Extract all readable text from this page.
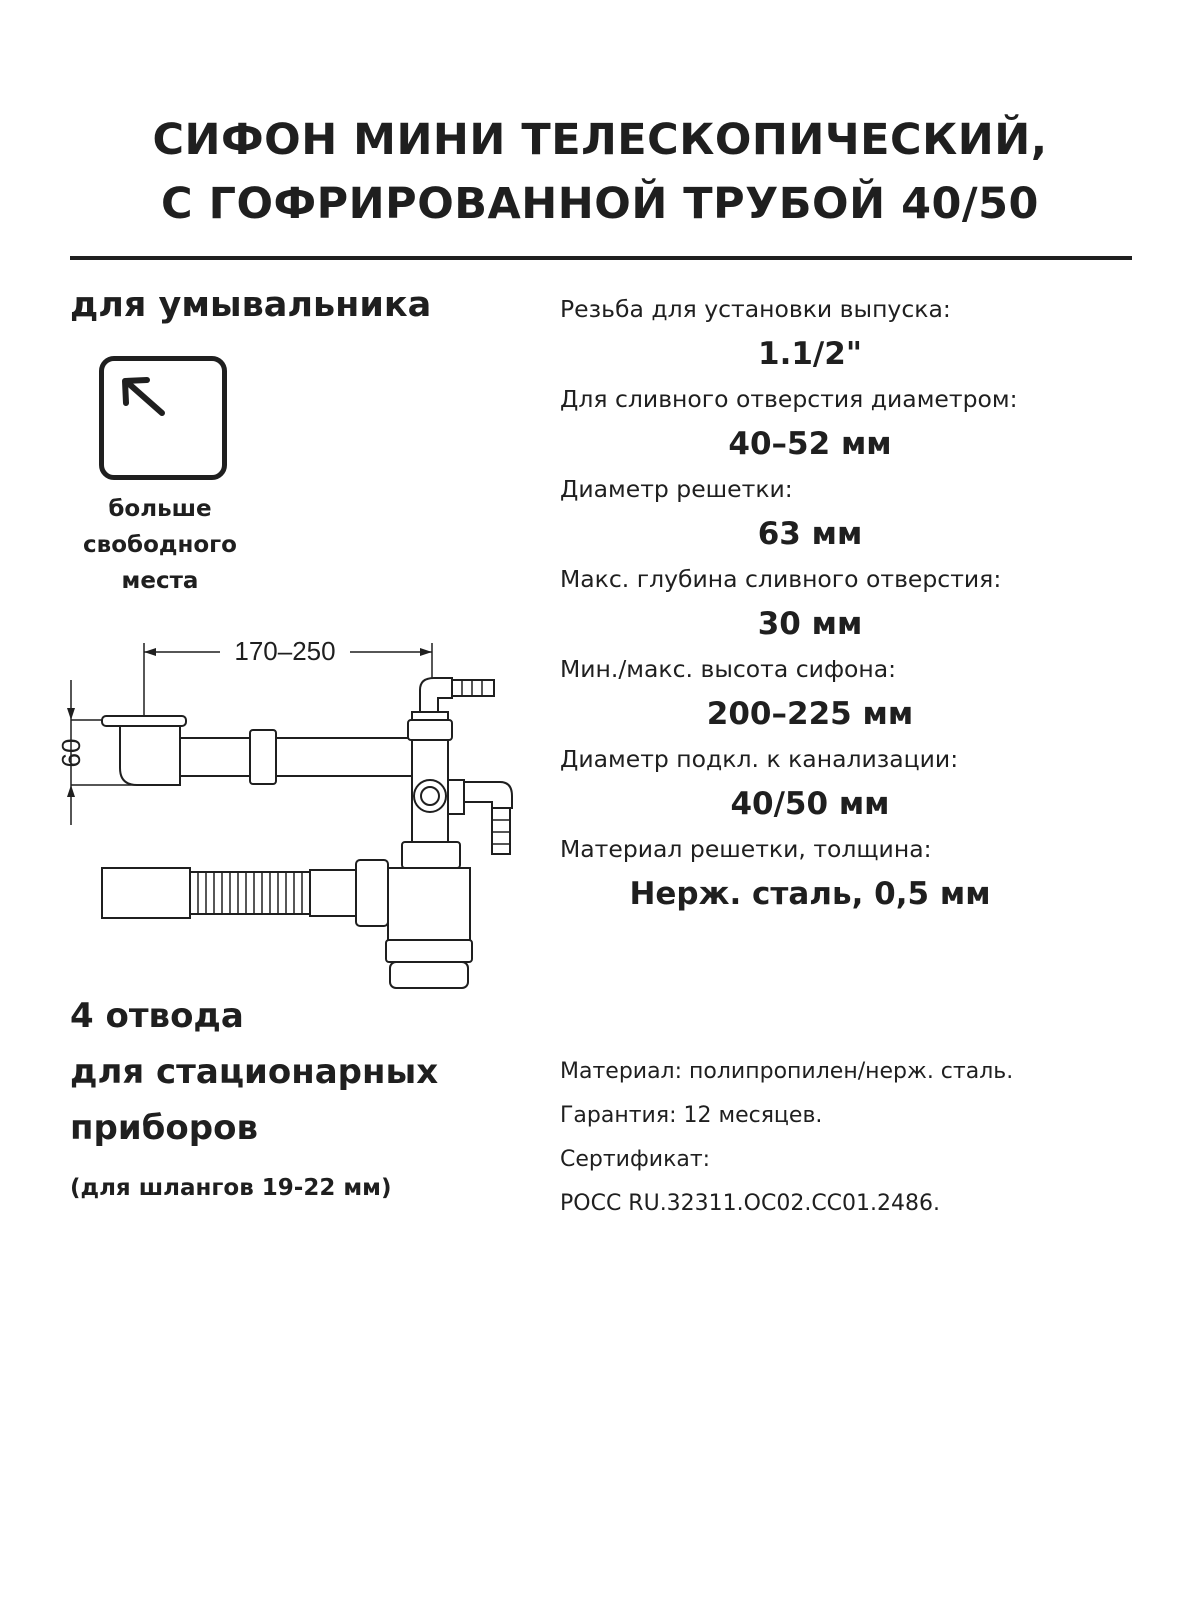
СИФОН МИНИ ТЕЛЕСКОПИЧЕСКИЙ,
С ГОФРИРОВАННОЙ ТРУБОЙ 40/50
для умывальника
больше
свободного
места
170–250
60
4 отвода
для стационарных
приборов
(для шлангов 19-22 мм)
Резьба для установки выпуска:
1.1/2"
Для сливного отверстия диаметром:
40–52 мм
Диаметр решетки:
63 мм
Макс. глубина сливного отверстия:
30 мм
Мин./макс. высота сифона:
200–225 мм
Диаметр подкл. к канализации:
40/50 мм
Материал решетки, толщина:
Нерж. сталь, 0,5 мм
Материал: полипропилен/нерж. сталь.
Гарантия: 12 месяцев.
Сертификат:
РОСС RU.32311.ОС02.СС01.2486.
